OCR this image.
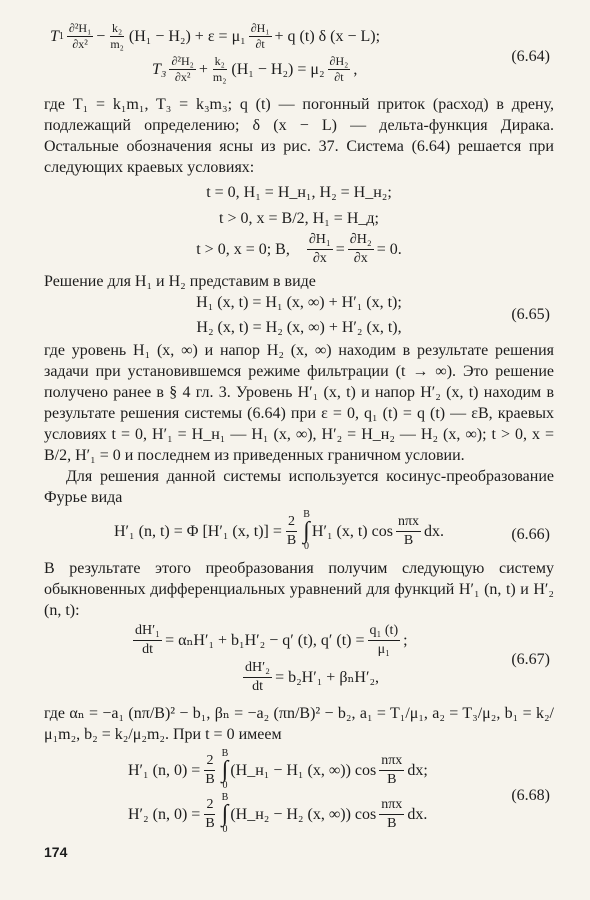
T $1 \frac{\text{∂²H₁}}{\text{∂x²}} - \frac{\text{k₂}}{\text{m₂}} (H_1 - H_2) + \varepsilon = \mu_1 \frac{\text{∂H₁}}{\partial t} + q$ (t) δ (x − L);
$T_3 \frac{\text{∂²H₂}}{\text{∂x²}} + \frac{\text{k₂}}{\text{m₂}} (H_1 - H_2) = \mu_2 \frac{\text{∂H₂}}{\partial t}$ ,
(6.64)

где T₁ = k₁m₁, T₃ = k₃m₃; q (t) — погонный приток (расход) в дрену, подлежащий определению; δ (x − L) — дельта-функция Дирака. Остальные обозначения ясны из рис. 37. Система (6.64) решается при следующих краевых условиях:

t = 0, H₁ = H_н₁, H₂ = H_н₂;
t > 0, x = B/2, H₁ = H_д;
t > 0, x = 0; B, $\frac{\text{∂H₁}}{\partial x} = \frac{\text{∂H₂}}{\partial x} = 0$.

Решение для H₁ и H₂ представим в виде

H₁ (x, t) = H₁ (x, ∞) + H′₁ (x, t);
H₂ (x, t) = H₂ (x, ∞) + H′₂ (x, t),
(6.65)

где уровень H₁ (x, ∞) и напор H₂ (x, ∞) находим в результате решения задачи при установившемся режиме фильтрации (t → ∞). Это решение получено ранее в § 4 гл. 3. Уровень H′₁ (x, t) и напор H′₂ (x, t) находим в результате решения системы (6.64) при ε = 0, q₁ (t) = q (t) — εB, краевых условиях t = 0, H′₁ = H_н₁ — H₁ (x, ∞), H′₂ = H_н₂ — H₂ (x, ∞); t > 0, x = B/2, H′₁ = 0 и последнем из приведенных граничном условии.

Для решения данной системы используется косинус-преобразование Фурье вида

H′₁ (n, t) = Φ [H′₁ (x, $t)] = \frac{2}{B}$ B
∫
0
H′₁ (x, t) $\cos \frac{\text{nπx}}{B}$ dx.	(6.66)

В результате этого преобразования получим следующую систему обыкновенных дифференциальных уравнений для функций H′₁ (n, t) и H′₂ (n, t):

$\frac{\text{dH′₁}}{dt} = \alpha_nH'_1 + b_1H'_2 - q'$ (t), q′ $(t) = \frac{\text{q₁ (t)}}{\text{μ₁}}$ ;
$\frac{\text{dH′₂}}{dt} = b_2H'_1 + \beta_nH'_2$,
(6.67)

где αₙ = −a₁ (nπ/B)² − b₁, βₙ = −a₂ (πn/B)² − b₂, a₁ = T₁/μ₁, a₂ = T₃/μ₂, b₁ = k₂/μ₁m₂, b₂ = k₂/μ₂m₂. При t = 0 имеем

H′₁ (n, $0) = \frac{2}{B}$ B
∫
0
(H_н₁ − H₁ (x, ∞)) $\cos \frac{\text{nπx}}{B}$ dx;
H′₂ (n, $0) = \frac{2}{B}$ B
∫
0
(H_н₂ − H₂ (x, ∞)) $\cos \frac{\text{nπx}}{B}$ dx.
(6.68)
174
